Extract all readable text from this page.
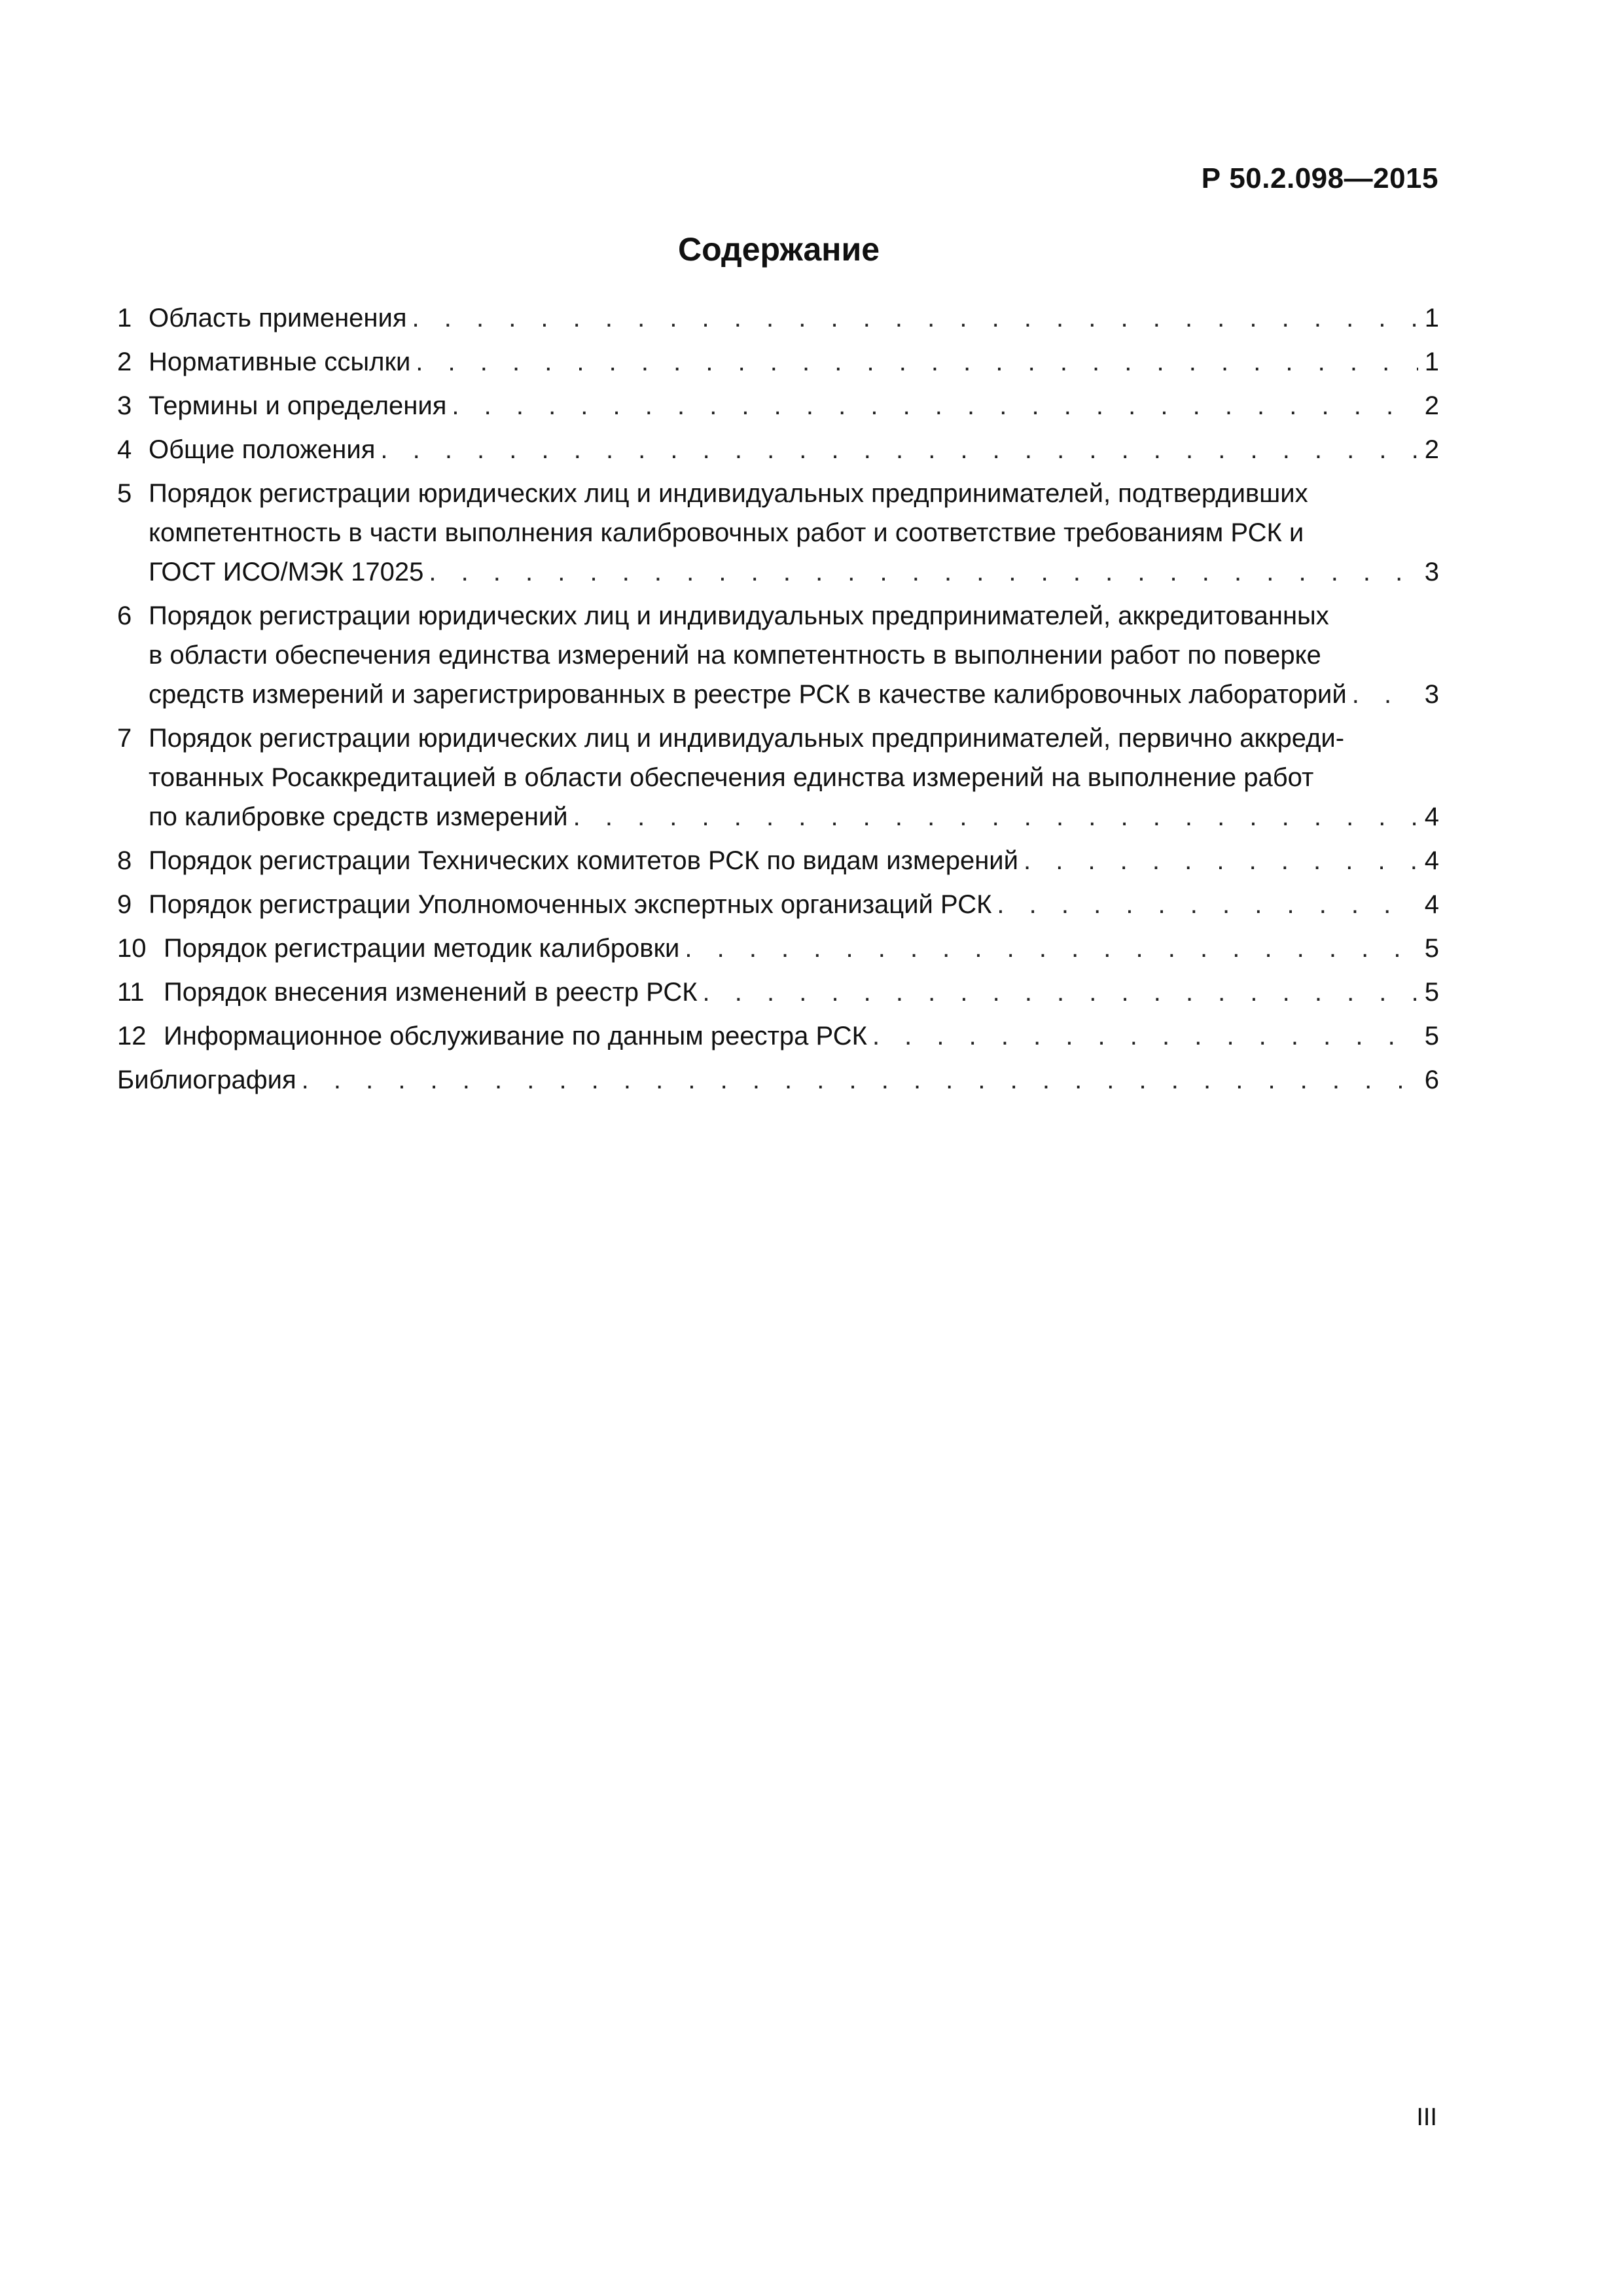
Р 50.2.098—2015
Содержание
1 Область применения . . .	1
2 Нормативные ссылки . . .	1
3 Термины и определения . . .	2
4 Общие положения . . .	2
5 Порядок регистрации юридических лиц и индивидуальных предпринимателей, подтвердивших
компетентность в части выполнения калибровочных работ и соответствие требованиям РСК и
ГОСТ ИСО/МЭК 17025 . . .	3
6 Порядок регистрации юридических лиц и индивидуальных предпринимателей, аккредитованных
в области обеспечения единства измерений на компетентность в выполнении работ по поверке
средств измерений и зарегистрированных в реестре РСК в качестве калибровочных лабораторий . . .	3
7 Порядок регистрации юридических лиц и индивидуальных предпринимателей, первично аккреди-
тованных Росаккредитацией в области обеспечения единства измерений на выполнение работ
по калибровке средств измерений . . .	4
8 Порядок регистрации Технических комитетов РСК по видам измерений . . .	4
9 Порядок регистрации Уполномоченных экспертных организаций РСК . . .	4
10 Порядок регистрации методик калибровки . . .	5
11 Порядок внесения изменений в реестр РСК . . .	5
12 Информационное обслуживание по данным реестра РСК . . .	5
Библиография . . .	6
III
